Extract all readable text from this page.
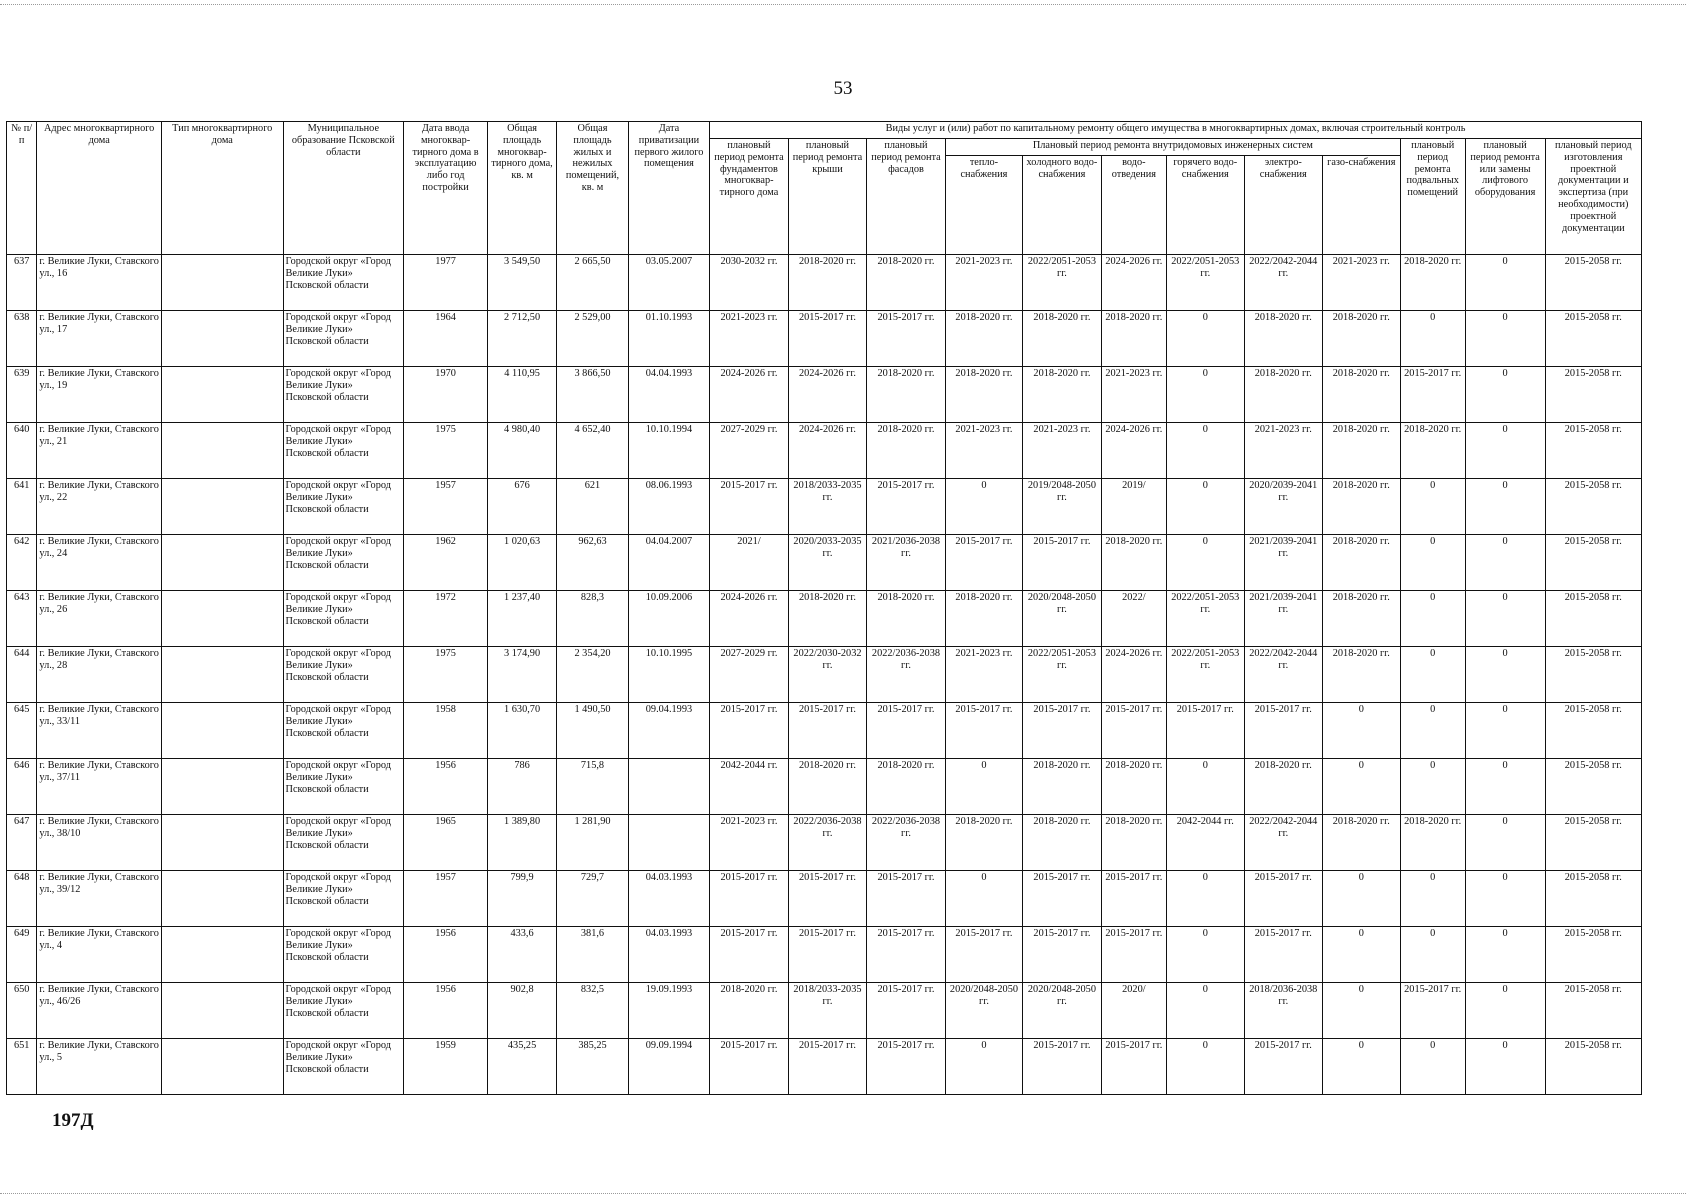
53
№ п/п	Адрес многоквартирного дома	Тип многоквартирного дома	Муниципальное образование Псковской области	Дата ввода многоквар-тирного дома в эксплуатацию либо год постройки	Общая площадь многоквар-тирного дома, кв. м	Общая площадь жилых и нежилых помещений, кв. м	Дата приватизации первого жилого помещения	Виды услуг и (или) работ по капитальному ремонту общего имущества в многоквартирных домах, включая строительный контроль											
								плановый период ремонта фундаментов многоквар-тирного дома	плановый период ремонта крыши	плановый период ремонта фасадов	Плановый период ремонта внутридомовых инженерных систем						плановый период ремонта подвальных помещений	плановый период ремонта или замены лифтового оборудования	плановый период изготовления проектной документации и экспертиза (при необходимости) проектной документации
											тепло-снабжения	холодного водо-снабжения	водо-отведения	горячего водо-снабжения	электро-снабжения	газо-снабжения			
637	г. Великие Луки, Ставского ул., 16		Городской округ «Город Великие Луки» Псковской области	1977	3 549,50	2 665,50	03.05.2007	2030-2032 гг.	2018-2020 гг.	2018-2020 гг.	2021-2023 гг.	2022/2051-2053 гг.	2024-2026 гг.	2022/2051-2053 гг.	2022/2042-2044 гг.	2021-2023 гг.	2018-2020 гг.	0	2015-2058 гг.
638	г. Великие Луки, Ставского ул., 17		Городской округ «Город Великие Луки» Псковской области	1964	2 712,50	2 529,00	01.10.1993	2021-2023 гг.	2015-2017 гг.	2015-2017 гг.	2018-2020 гг.	2018-2020 гг.	2018-2020 гг.	0	2018-2020 гг.	2018-2020 гг.	0	0	2015-2058 гг.
639	г. Великие Луки, Ставского ул., 19		Городской округ «Город Великие Луки» Псковской области	1970	4 110,95	3 866,50	04.04.1993	2024-2026 гг.	2024-2026 гг.	2018-2020 гг.	2018-2020 гг.	2018-2020 гг.	2021-2023 гг.	0	2018-2020 гг.	2018-2020 гг.	2015-2017 гг.	0	2015-2058 гг.
640	г. Великие Луки, Ставского ул., 21		Городской округ «Город Великие Луки» Псковской области	1975	4 980,40	4 652,40	10.10.1994	2027-2029 гг.	2024-2026 гг.	2018-2020 гг.	2021-2023 гг.	2021-2023 гг.	2024-2026 гг.	0	2021-2023 гг.	2018-2020 гг.	2018-2020 гг.	0	2015-2058 гг.
641	г. Великие Луки, Ставского ул., 22		Городской округ «Город Великие Луки» Псковской области	1957	676	621	08.06.1993	2015-2017 гг.	2018/2033-2035 гг.	2015-2017 гг.	0	2019/2048-2050 гг.	2019/	0	2020/2039-2041 гг.	2018-2020 гг.	0	0	2015-2058 гг.
642	г. Великие Луки, Ставского ул., 24		Городской округ «Город Великие Луки» Псковской области	1962	1 020,63	962,63	04.04.2007	2021/	2020/2033-2035 гг.	2021/2036-2038 гг.	2015-2017 гг.	2015-2017 гг.	2018-2020 гг.	0	2021/2039-2041 гг.	2018-2020 гг.	0	0	2015-2058 гг.
643	г. Великие Луки, Ставского ул., 26		Городской округ «Город Великие Луки» Псковской области	1972	1 237,40	828,3	10.09.2006	2024-2026 гг.	2018-2020 гг.	2018-2020 гг.	2018-2020 гг.	2020/2048-2050 гг.	2022/	2022/2051-2053 гг.	2021/2039-2041 гг.	2018-2020 гг.	0	0	2015-2058 гг.
644	г. Великие Луки, Ставского ул., 28		Городской округ «Город Великие Луки» Псковской области	1975	3 174,90	2 354,20	10.10.1995	2027-2029 гг.	2022/2030-2032 гг.	2022/2036-2038 гг.	2021-2023 гг.	2022/2051-2053 гг.	2024-2026 гг.	2022/2051-2053 гг.	2022/2042-2044 гг.	2018-2020 гг.	0	0	2015-2058 гг.
645	г. Великие Луки, Ставского ул., 33/11		Городской округ «Город Великие Луки» Псковской области	1958	1 630,70	1 490,50	09.04.1993	2015-2017 гг.	2015-2017 гг.	2015-2017 гг.	2015-2017 гг.	2015-2017 гг.	2015-2017 гг.	2015-2017 гг.	2015-2017 гг.	0	0	0	2015-2058 гг.
646	г. Великие Луки, Ставского ул., 37/11		Городской округ «Город Великие Луки» Псковской области	1956	786	715,8		2042-2044 гг.	2018-2020 гг.	2018-2020 гг.	0	2018-2020 гг.	2018-2020 гг.	0	2018-2020 гг.	0	0	0	2015-2058 гг.
647	г. Великие Луки, Ставского ул., 38/10		Городской округ «Город Великие Луки» Псковской области	1965	1 389,80	1 281,90		2021-2023 гг.	2022/2036-2038 гг.	2022/2036-2038 гг.	2018-2020 гг.	2018-2020 гг.	2018-2020 гг.	2042-2044 гг.	2022/2042-2044 гг.	2018-2020 гг.	2018-2020 гг.	0	2015-2058 гг.
648	г. Великие Луки, Ставского ул., 39/12		Городской округ «Город Великие Луки» Псковской области	1957	799,9	729,7	04.03.1993	2015-2017 гг.	2015-2017 гг.	2015-2017 гг.	0	2015-2017 гг.	2015-2017 гг.	0	2015-2017 гг.	0	0	0	2015-2058 гг.
649	г. Великие Луки, Ставского ул., 4		Городской округ «Город Великие Луки» Псковской области	1956	433,6	381,6	04.03.1993	2015-2017 гг.	2015-2017 гг.	2015-2017 гг.	2015-2017 гг.	2015-2017 гг.	2015-2017 гг.	0	2015-2017 гг.	0	0	0	2015-2058 гг.
650	г. Великие Луки, Ставского ул., 46/26		Городской округ «Город Великие Луки» Псковской области	1956	902,8	832,5	19.09.1993	2018-2020 гг.	2018/2033-2035 гг.	2015-2017 гг.	2020/2048-2050 гг.	2020/2048-2050 гг.	2020/	0	2018/2036-2038 гг.	0	2015-2017 гг.	0	2015-2058 гг.
651	г. Великие Луки, Ставского ул., 5		Городской округ «Город Великие Луки» Псковской области	1959	435,25	385,25	09.09.1994	2015-2017 гг.	2015-2017 гг.	2015-2017 гг.	0	2015-2017 гг.	2015-2017 гг.	0	2015-2017 гг.	0	0	0	2015-2058 гг.
197Д
